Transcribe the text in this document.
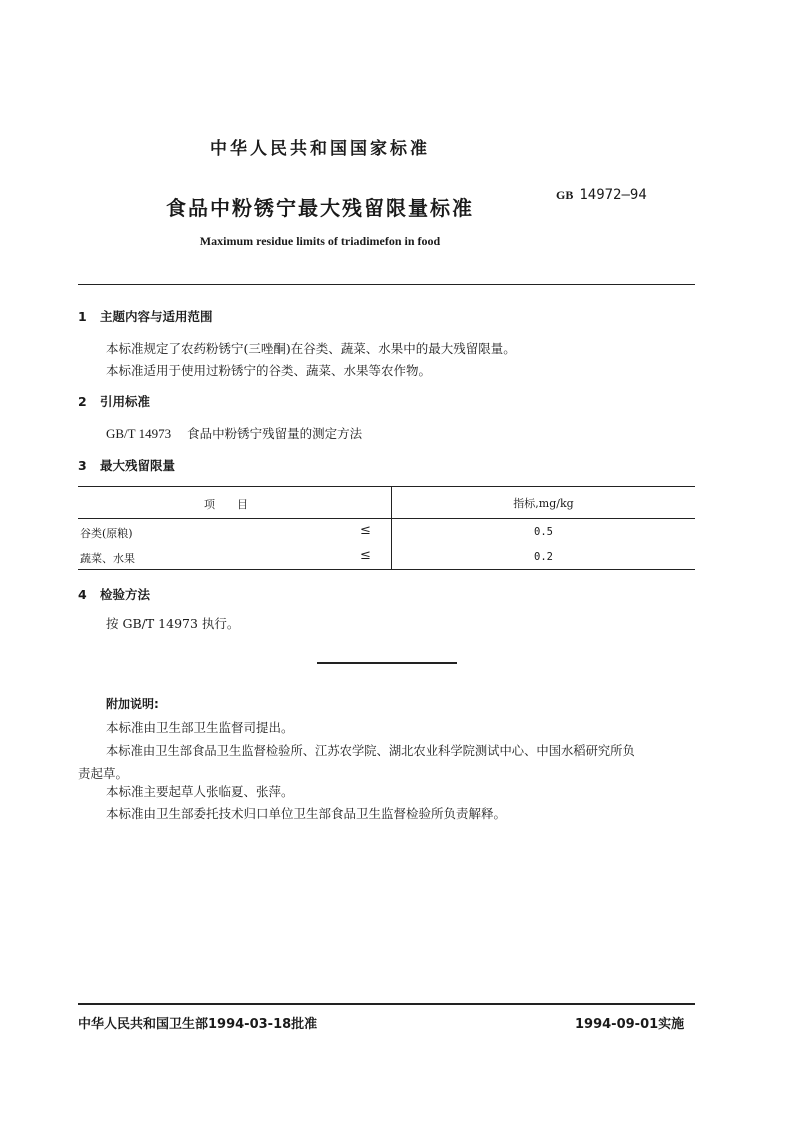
中华人民共和国国家标准
食品中粉锈宁最大残留限量标准
GB 14972—94
Maximum residue limits of triadimefon in food
1 主题内容与适用范围
本标准规定了农药粉锈宁(三唑酮)在谷类、蔬菜、水果中的最大残留限量。
本标准适用于使用过粉锈宁的谷类、蔬菜、水果等农作物。
2 引用标准
GB/T 14973 食品中粉锈宁残留量的测定方法
3 最大残留限量
项　　目	指标,mg/kg

谷类(原粮) ≤	0.5

蔬菜、水果 ≤	0.2
4 检验方法
按 GB/T 14973 执行。
附加说明:
本标准由卫生部卫生监督司提出。
本标准由卫生部食品卫生监督检验所、江苏农学院、湖北农业科学院测试中心、中国水稻研究所负
责起草。
本标准主要起草人张临夏、张萍。
本标准由卫生部委托技术归口单位卫生部食品卫生监督检验所负责解释。
中华人民共和国卫生部1994-03-18批准	1994-09-01实施
